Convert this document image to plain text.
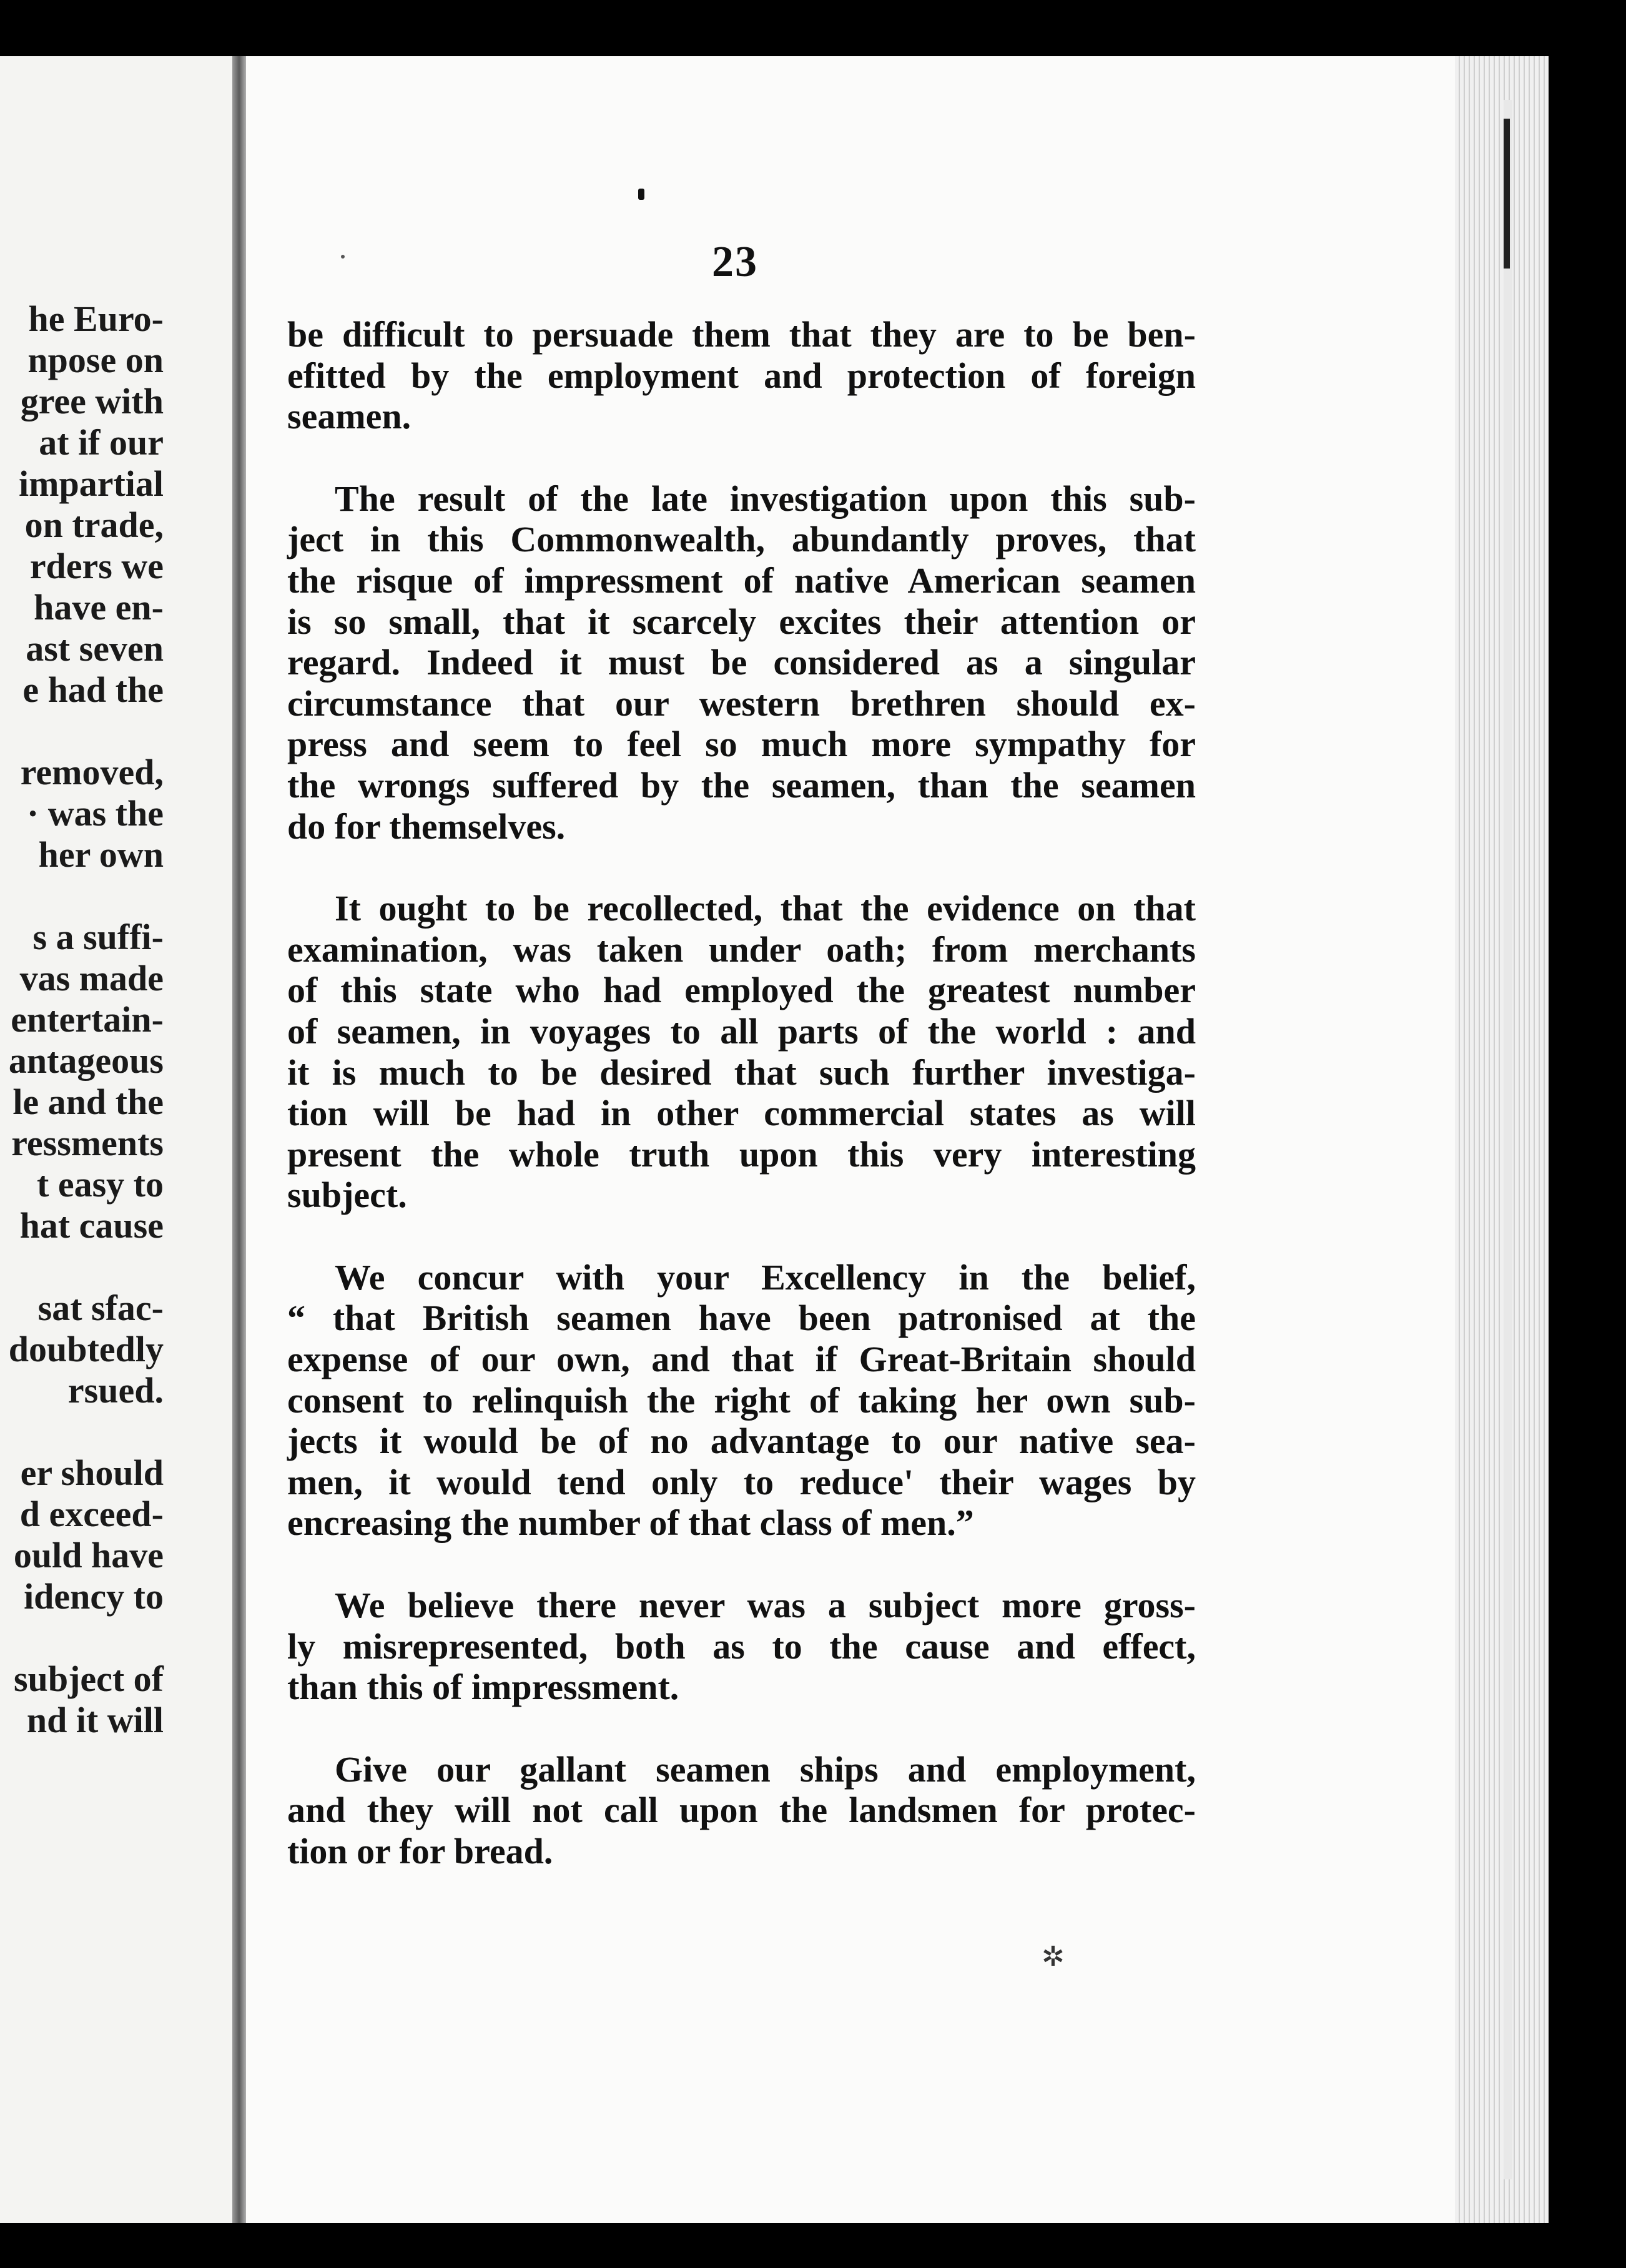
he Euro-
npose on
gree with
at if our
impartial
on trade,
rders we
have en-
ast seven
e had the
removed,
· was the
her own
s a suffi-
vas made
entertain-
antageous
le and the
ressments
t easy to
hat cause
sat sfac-
doubtedly
rsued.
er should
d exceed-
ould have
idency to
subject of
nd it will
23
be difficult to persuade them that they are to be ben-
efitted by the employment and protection of foreign
seamen.
The result of the late investigation upon this sub-
ject in this Commonwealth, abundantly proves, that
the risque of impressment of native American seamen
is so small, that it scarcely excites their attention or
regard. Indeed it must be considered as a singular
circumstance that our western brethren should ex-
press and seem to feel so much more sympathy for
the wrongs suffered by the seamen, than the seamen
do for themselves.
It ought to be recollected, that the evidence on that
examination, was taken under oath; from merchants
of this state who had employed the greatest number
of seamen, in voyages to all parts of the world : and
it is much to be desired that such further investiga-
tion will be had in other commercial states as will
present the whole truth upon this very interesting
subject.
We concur with your Excellency in the belief,
“ that British seamen have been patronised at the
expense of our own, and that if Great-Britain should
consent to relinquish the right of taking her own sub-
jects it would be of no advantage to our native sea-
men, it would tend only to reduce' their wages by
encreasing the number of that class of men.”
We believe there never was a subject more gross-
ly misrepresented, both as to the cause and effect,
than this of impressment.
Give our gallant seamen ships and employment,
and they will not call upon the landsmen for protec-
tion or for bread.
✲
